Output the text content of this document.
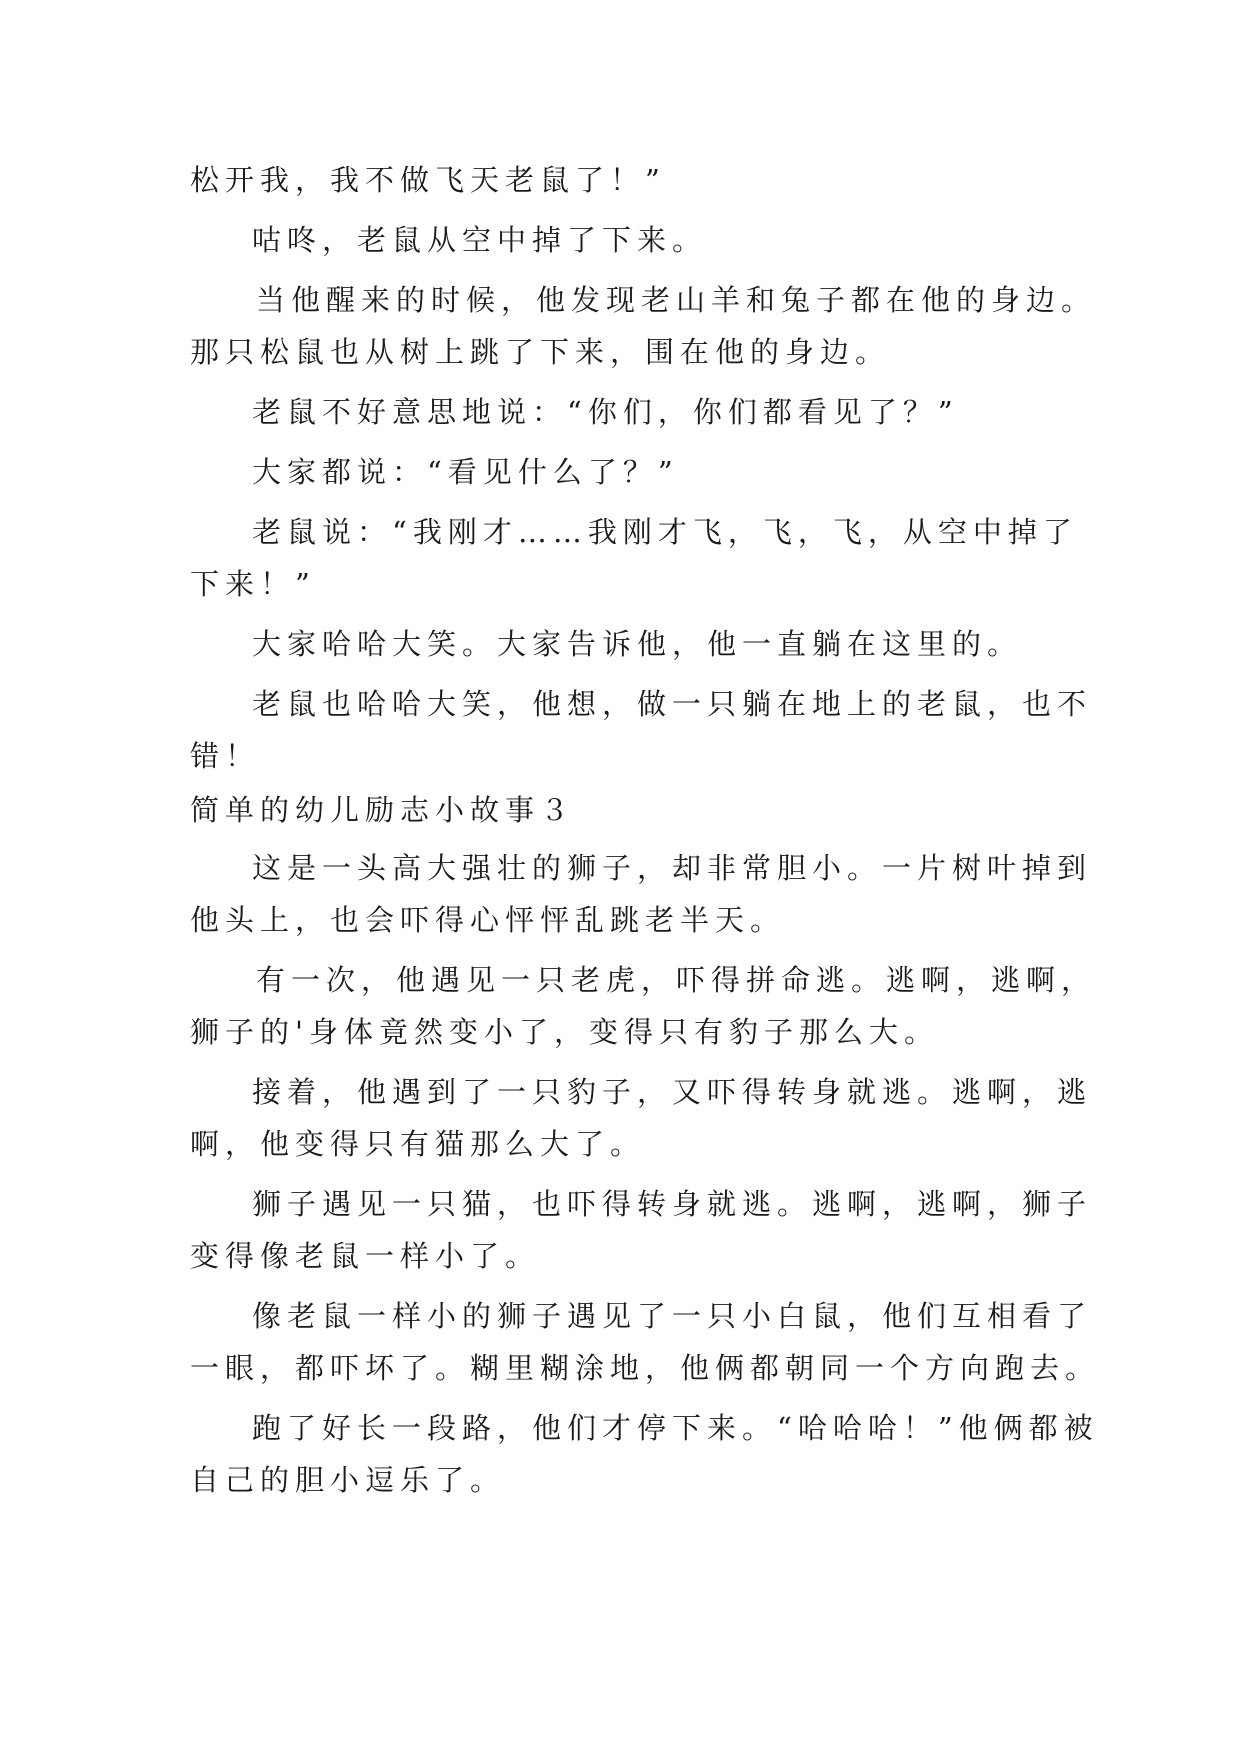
松开我，我不做飞天老鼠了！”
咕咚，老鼠从空中掉了下来。
当他醒来的时候，他发现老山羊和兔子都在他的身边。
那只松鼠也从树上跳了下来，围在他的身边。
老鼠不好意思地说：“你们，你们都看见了？”
大家都说：“看见什么了？”
老鼠说：“我刚才……我刚才飞，飞，飞，从空中掉了
下来！”
大家哈哈大笑。大家告诉他，他一直躺在这里的。
老鼠也哈哈大笑，他想，做一只躺在地上的老鼠，也不
错！
简单的幼儿励志小故事３
这是一头高大强壮的狮子，却非常胆小。一片树叶掉到
他头上，也会吓得心怦怦乱跳老半天。
有一次，他遇见一只老虎，吓得拼命逃。逃啊，逃啊，
狮子的'身体竟然变小了，变得只有豹子那么大。
接着，他遇到了一只豹子，又吓得转身就逃。逃啊，逃
啊，他变得只有猫那么大了。
狮子遇见一只猫，也吓得转身就逃。逃啊，逃啊，狮子
变得像老鼠一样小了。
像老鼠一样小的狮子遇见了一只小白鼠，他们互相看了
一眼，都吓坏了。糊里糊涂地，他俩都朝同一个方向跑去。
跑了好长一段路，他们才停下来。“哈哈哈！”他俩都被
自己的胆小逗乐了。
